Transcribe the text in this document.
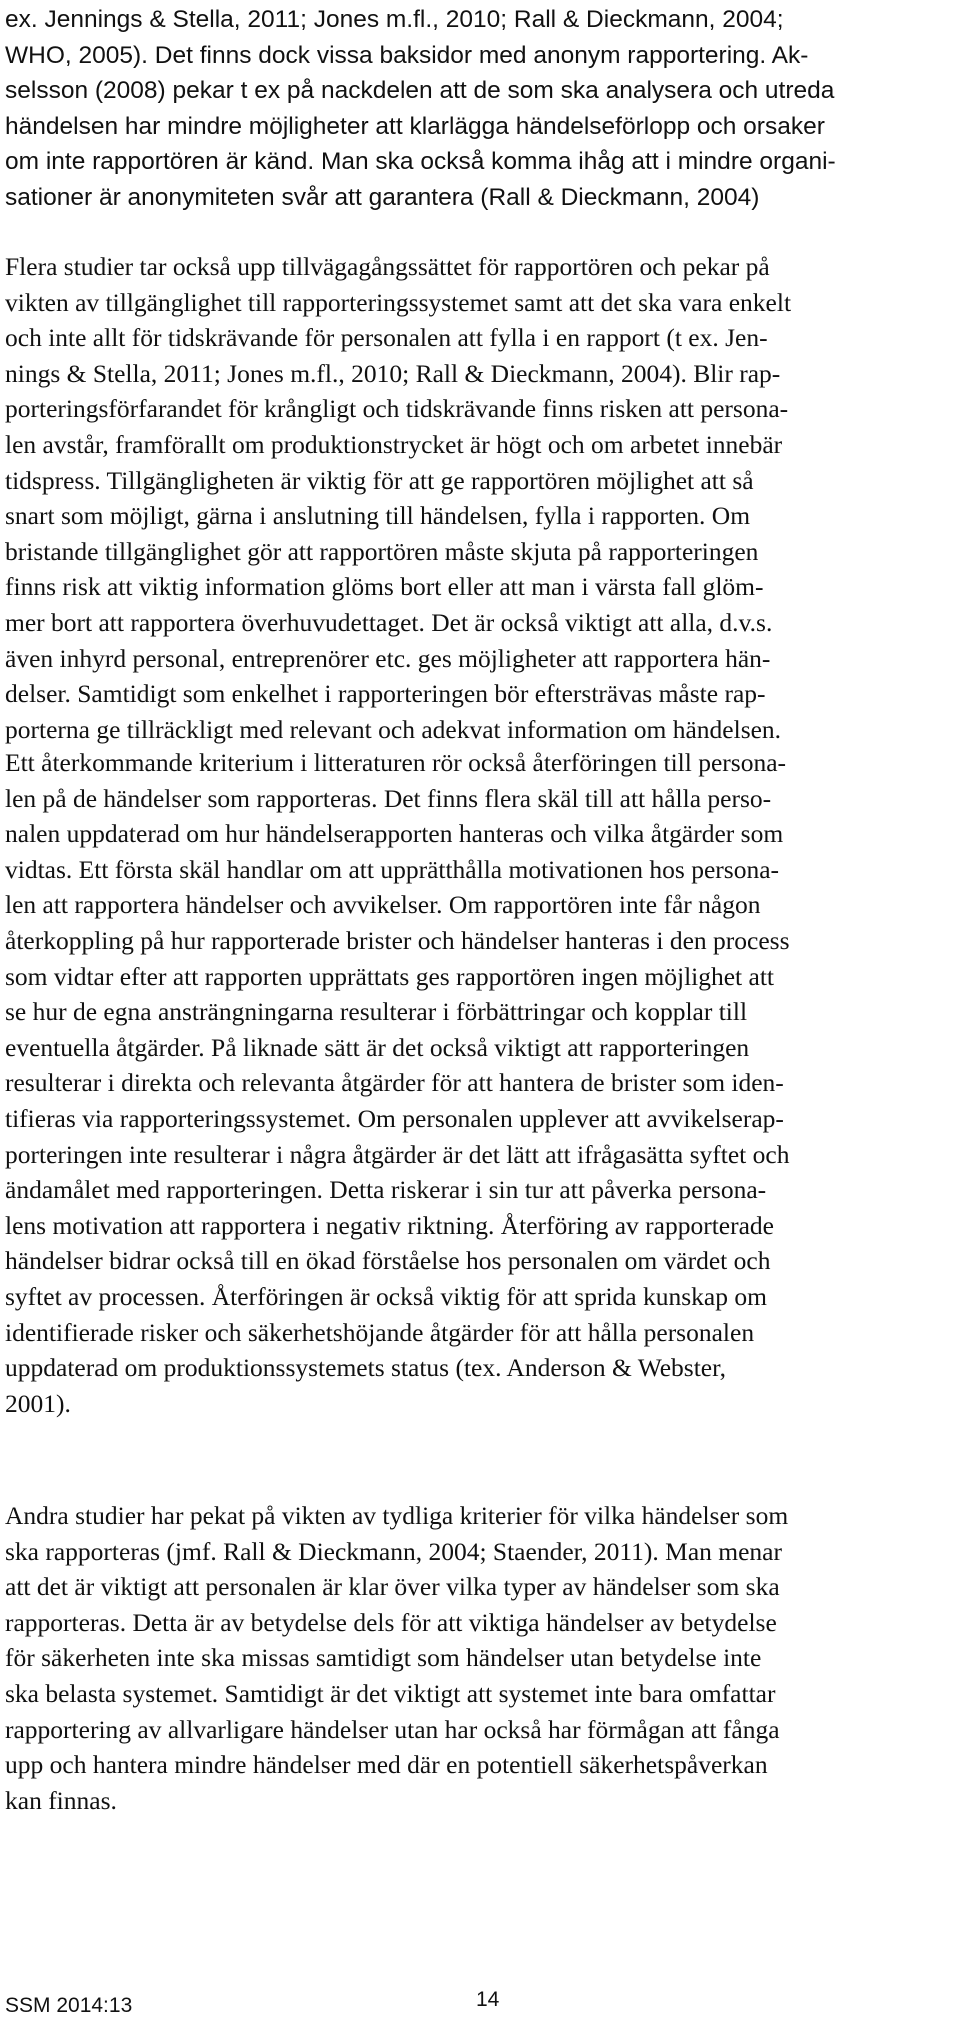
ex. Jennings & Stella, 2011; Jones m.fl., 2010; Rall & Dieckmann, 2004;
WHO, 2005). Det finns dock vissa baksidor med anonym rapportering. Ak-
selsson (2008) pekar t ex på nackdelen att de som ska analysera och utreda
händelsen har mindre möjligheter att klarlägga händelseförlopp och orsaker
om inte rapportören är känd. Man ska också komma ihåg att i mindre organi-
sationer är anonymiteten svår att garantera (Rall & Dieckmann, 2004)

Flera studier tar också upp tillvägagångssättet för rapportören och pekar på
vikten av tillgänglighet till rapporteringssystemet samt att det ska vara enkelt
och inte allt för tidskrävande för personalen att fylla i en rapport (t ex. Jen-
nings & Stella, 2011; Jones m.fl., 2010; Rall & Dieckmann, 2004). Blir rap-
porteringsförfarandet för krångligt och tidskrävande finns risken att persona-
len avstår, framförallt om produktionstrycket är högt och om arbetet innebär
tidspress. Tillgängligheten är viktig för att ge rapportören möjlighet att så
snart som möjligt, gärna i anslutning till händelsen, fylla i rapporten. Om
bristande tillgänglighet gör att rapportören måste skjuta på rapporteringen
finns risk att viktig information glöms bort eller att man i värsta fall glöm-
mer bort att rapportera överhuvudettaget. Det är också viktigt att alla, d.v.s.
även inhyrd personal, entreprenörer etc. ges möjligheter att rapportera hän-
delser. Samtidigt som enkelhet i rapporteringen bör eftersträvas måste rap-
porterna ge tillräckligt med relevant och adekvat information om händelsen.

Ett återkommande kriterium i litteraturen rör också återföringen till persona-
len på de händelser som rapporteras. Det finns flera skäl till att hålla perso-
nalen uppdaterad om hur händelserapporten hanteras och vilka åtgärder som
vidtas. Ett första skäl handlar om att upprätthålla motivationen hos persona-
len att rapportera händelser och avvikelser. Om rapportören inte får någon
återkoppling på hur rapporterade brister och händelser hanteras i den process
som vidtar efter att rapporten upprättats ges rapportören ingen möjlighet att
se hur de egna ansträngningarna resulterar i förbättringar och kopplar till
eventuella åtgärder. På liknade sätt är det också viktigt att rapporteringen
resulterar i direkta och relevanta åtgärder för att hantera de brister som iden-
tifieras via rapporteringssystemet. Om personalen upplever att avvikelserap-
porteringen inte resulterar i några åtgärder är det lätt att ifrågasätta syftet och
ändamålet med rapporteringen. Detta riskerar i sin tur att påverka persona-
lens motivation att rapportera i negativ riktning. Återföring av rapporterade
händelser bidrar också till en ökad förståelse hos personalen om värdet och
syftet av processen. Återföringen är också viktig för att sprida kunskap om
identifierade risker och säkerhetshöjande åtgärder för att hålla personalen
uppdaterad om produktionssystemets status (tex. Anderson & Webster,
2001).

Andra studier har pekat på vikten av tydliga kriterier för vilka händelser som
ska rapporteras (jmf. Rall & Dieckmann, 2004; Staender, 2011). Man menar
att det är viktigt att personalen är klar över vilka typer av händelser som ska
rapporteras. Detta är av betydelse dels för att viktiga händelser av betydelse
för säkerheten inte ska missas samtidigt som händelser utan betydelse inte
ska belasta systemet. Samtidigt är det viktigt att systemet inte bara omfattar
rapportering av allvarligare händelser utan har också har förmågan att fånga
upp och hantera mindre händelser med där en potentiell säkerhetspåverkan
kan finnas.

SSM 2014:13	14
